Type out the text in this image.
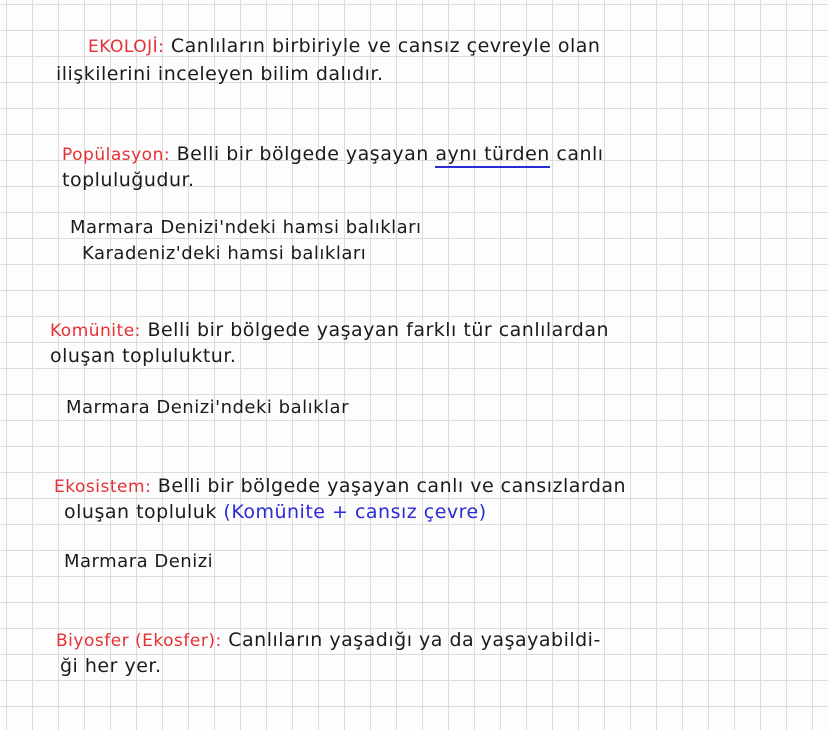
EKOLOJİ: Canlıların birbiriyle ve cansız çevreyle olan
ilişkilerini inceleyen bilim dalıdır.
Popülasyon: Belli bir bölgede yaşayan aynı türden canlı
topluluğudur.
Marmara Denizi'ndeki hamsi balıkları
Karadeniz'deki hamsi balıkları
Komünite: Belli bir bölgede yaşayan farklı tür canlılardan
oluşan topluluktur.
Marmara Denizi'ndeki balıklar
Ekosistem: Belli bir bölgede yaşayan canlı ve cansızlardan
oluşan topluluk (Komünite + cansız çevre)
Marmara Denizi
Biyosfer (Ekosfer): Canlıların yaşadığı ya da yaşayabildi-
ği her yer.
